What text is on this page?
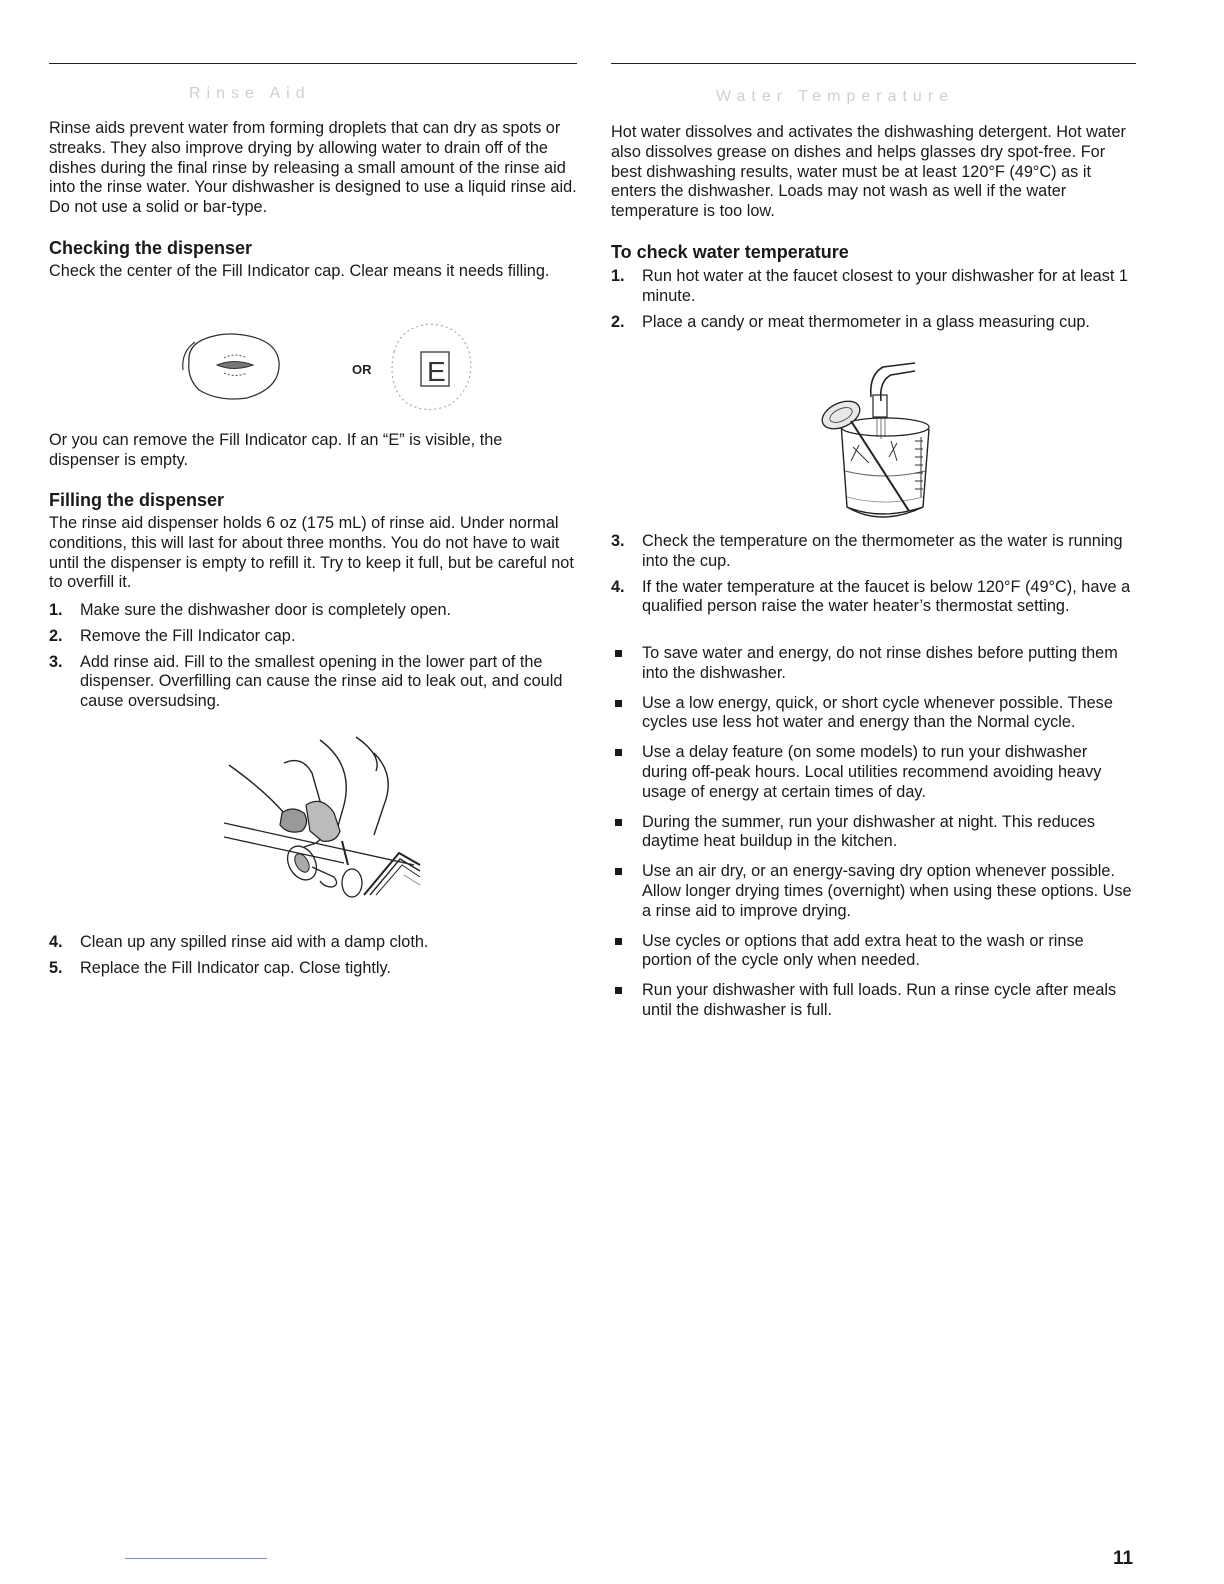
Rinse Aid

Rinse aids prevent water from forming droplets that can dry as spots or streaks. They also improve drying by allowing water to drain off of the dishes during the final rinse by releasing a small amount of the rinse aid into the rinse water. Your dishwasher is designed to use a liquid rinse aid. Do not use a solid or bar-type.

Checking the dispenser

Check the center of the Fill Indicator cap. Clear means it needs filling.

OR E

Or you can remove the Fill Indicator cap. If an “E” is visible, the dispenser is empty.

Filling the dispenser

The rinse aid dispenser holds 6 oz (175 mL) of rinse aid. Under normal conditions, this will last for about three months. You do not have to wait until the dispenser is empty to refill it. Try to keep it full, but be careful not to overfill it.

1. Make sure the dishwasher door is completely open.
2. Remove the Fill Indicator cap.
3. Add rinse aid. Fill to the smallest opening in the lower part of the dispenser. Overfilling can cause the rinse aid to leak out, and could cause oversudsing.
4. Clean up any spilled rinse aid with a damp cloth.
5. Replace the Fill Indicator cap. Close tightly.
Water Temperature

Hot water dissolves and activates the dishwashing detergent. Hot water also dissolves grease on dishes and helps glasses dry spot-free. For best dishwashing results, water must be at least 120°F (49°C) as it enters the dishwasher. Loads may not wash as well if the water temperature is too low.

To check water temperature
1. Run hot water at the faucet closest to your dishwasher for at least 1 minute.
2. Place a candy or meat thermometer in a glass measuring cup.
3. Check the temperature on the thermometer as the water is running into the cup.
4. If the water temperature at the faucet is below 120°F (49°C), have a qualified person raise the water heater’s thermostat setting.
To save water and energy, do not rinse dishes before putting them into the dishwasher.
Use a low energy, quick, or short cycle whenever possible. These cycles use less hot water and energy than the Normal cycle.
Use a delay feature (on some models) to run your dishwasher during off-peak hours. Local utilities recommend avoiding heavy usage of energy at certain times of day.
During the summer, run your dishwasher at night. This reduces daytime heat buildup in the kitchen.
Use an air dry, or an energy-saving dry option whenever possible. Allow longer drying times (overnight) when using these options. Use a rinse aid to improve drying.
Use cycles or options that add extra heat to the wash or rinse portion of the cycle only when needed.
Run your dishwasher with full loads. Run a rinse cycle after meals until the dishwasher is full.
11
